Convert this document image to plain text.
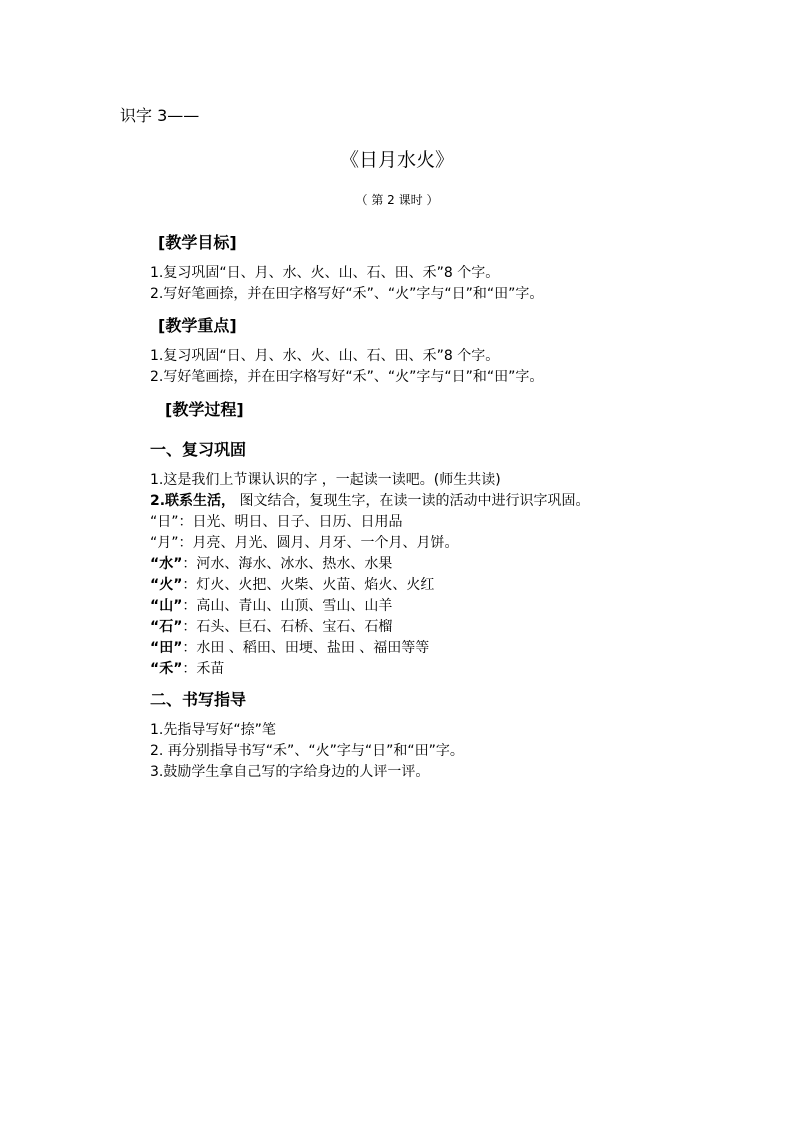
识字 3——
《日月水火》
（ 第 2 课时 ）
[教学目标]
1.复习巩固“日、月、水、火、山、石、田、禾”8 个字。
2.写好笔画捺，并在田字格写好“禾”、“火”字与“日”和“田”字。
[教学重点]
1.复习巩固“日、月、水、火、山、石、田、禾”8 个字。
2.写好笔画捺，并在田字格写好“禾”、“火”字与“日”和“田”字。
[教学过程]
一、复习巩固
1.这是我们上节课认识的字 ，一起读一读吧。(师生共读)
2.联系生活， 图文结合，复现生字，在读一读的活动中进行识字巩固。
“日”：日光、明日、日子、日历、日用品
“月”：月亮、月光、圆月、月牙、一个月、月饼。
“水”：河水、海水、冰水、热水、水果
“火”：灯火、火把、火柴、火苗、焰火、火红
“山”：高山、青山、山顶、雪山、山羊
“石”：石头、巨石、石桥、宝石、石榴
“田”：水田 、稻田、田埂、盐田 、福田等等
“禾”：禾苗
二、书写指导
1.先指导写好“捺”笔
2. 再分别指导书写“禾”、“火”字与“日”和“田”字。
3.鼓励学生拿自己写的字给身边的人评一评。
